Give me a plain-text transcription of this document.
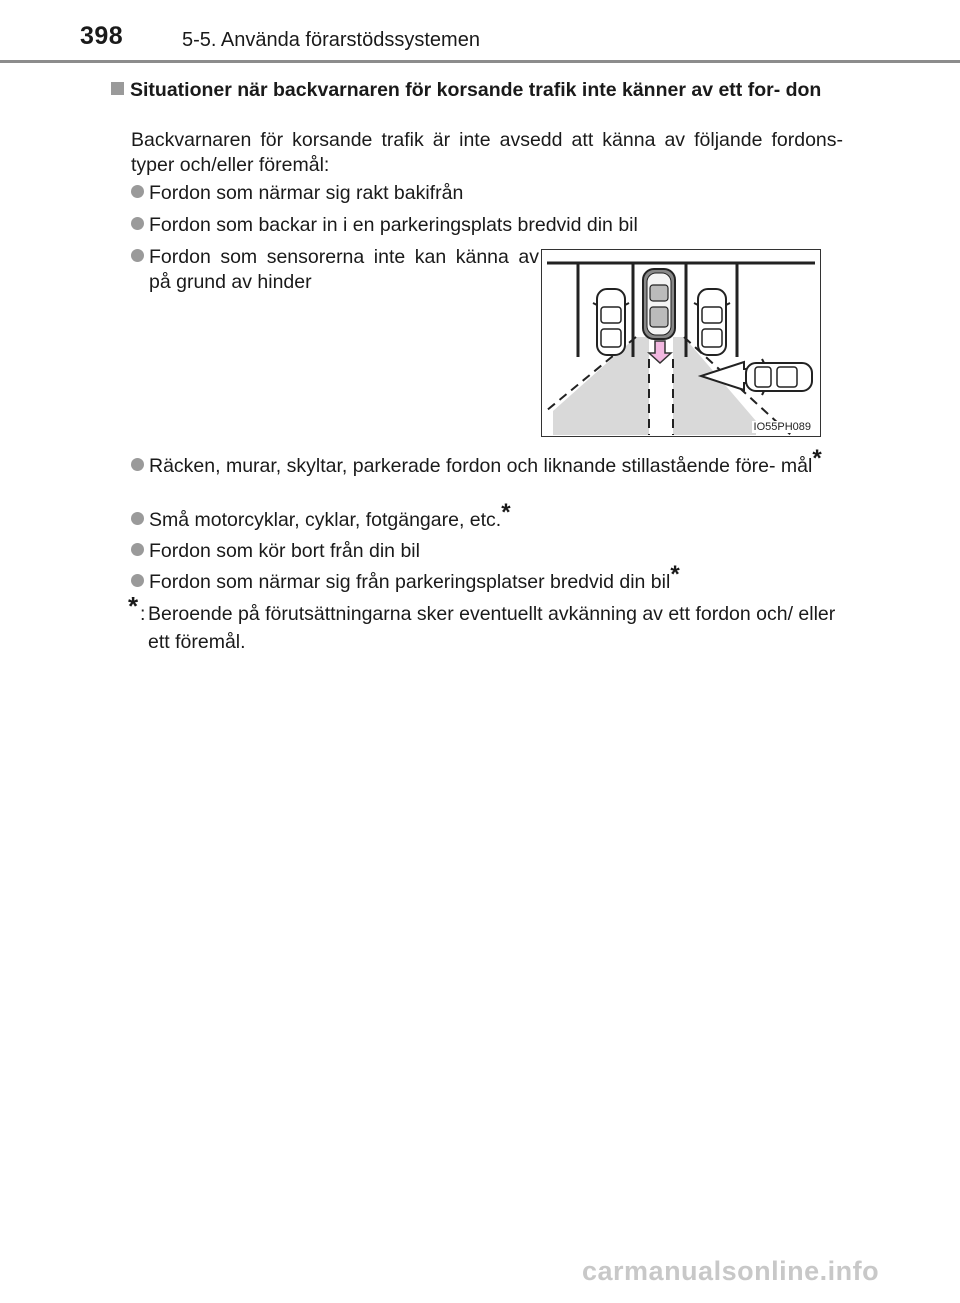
398	5-5. Använda förarstödssystemen
Situationer när backvarnaren för korsande trafik inte känner av ett for- don
Backvarnaren för korsande trafik är inte avsedd att känna av följande fordons- typer och/eller föremål:
Fordon som närmar sig rakt bakifrån
Fordon som backar in i en parkeringsplats bredvid din bil
Fordon som sensorerna inte kan känna av på grund av hinder
IO55PH089
Räcken, murar, skyltar, parkerade fordon och liknande stillastående före- mål*
Små motorcyklar, cyklar, fotgängare, etc.*
Fordon som kör bort från din bil
Fordon som närmar sig från parkeringsplatser bredvid din bil*
* : Beroende på förutsättningarna sker eventuellt avkänning av ett fordon och/ eller ett föremål.
carmanualsonline.info
